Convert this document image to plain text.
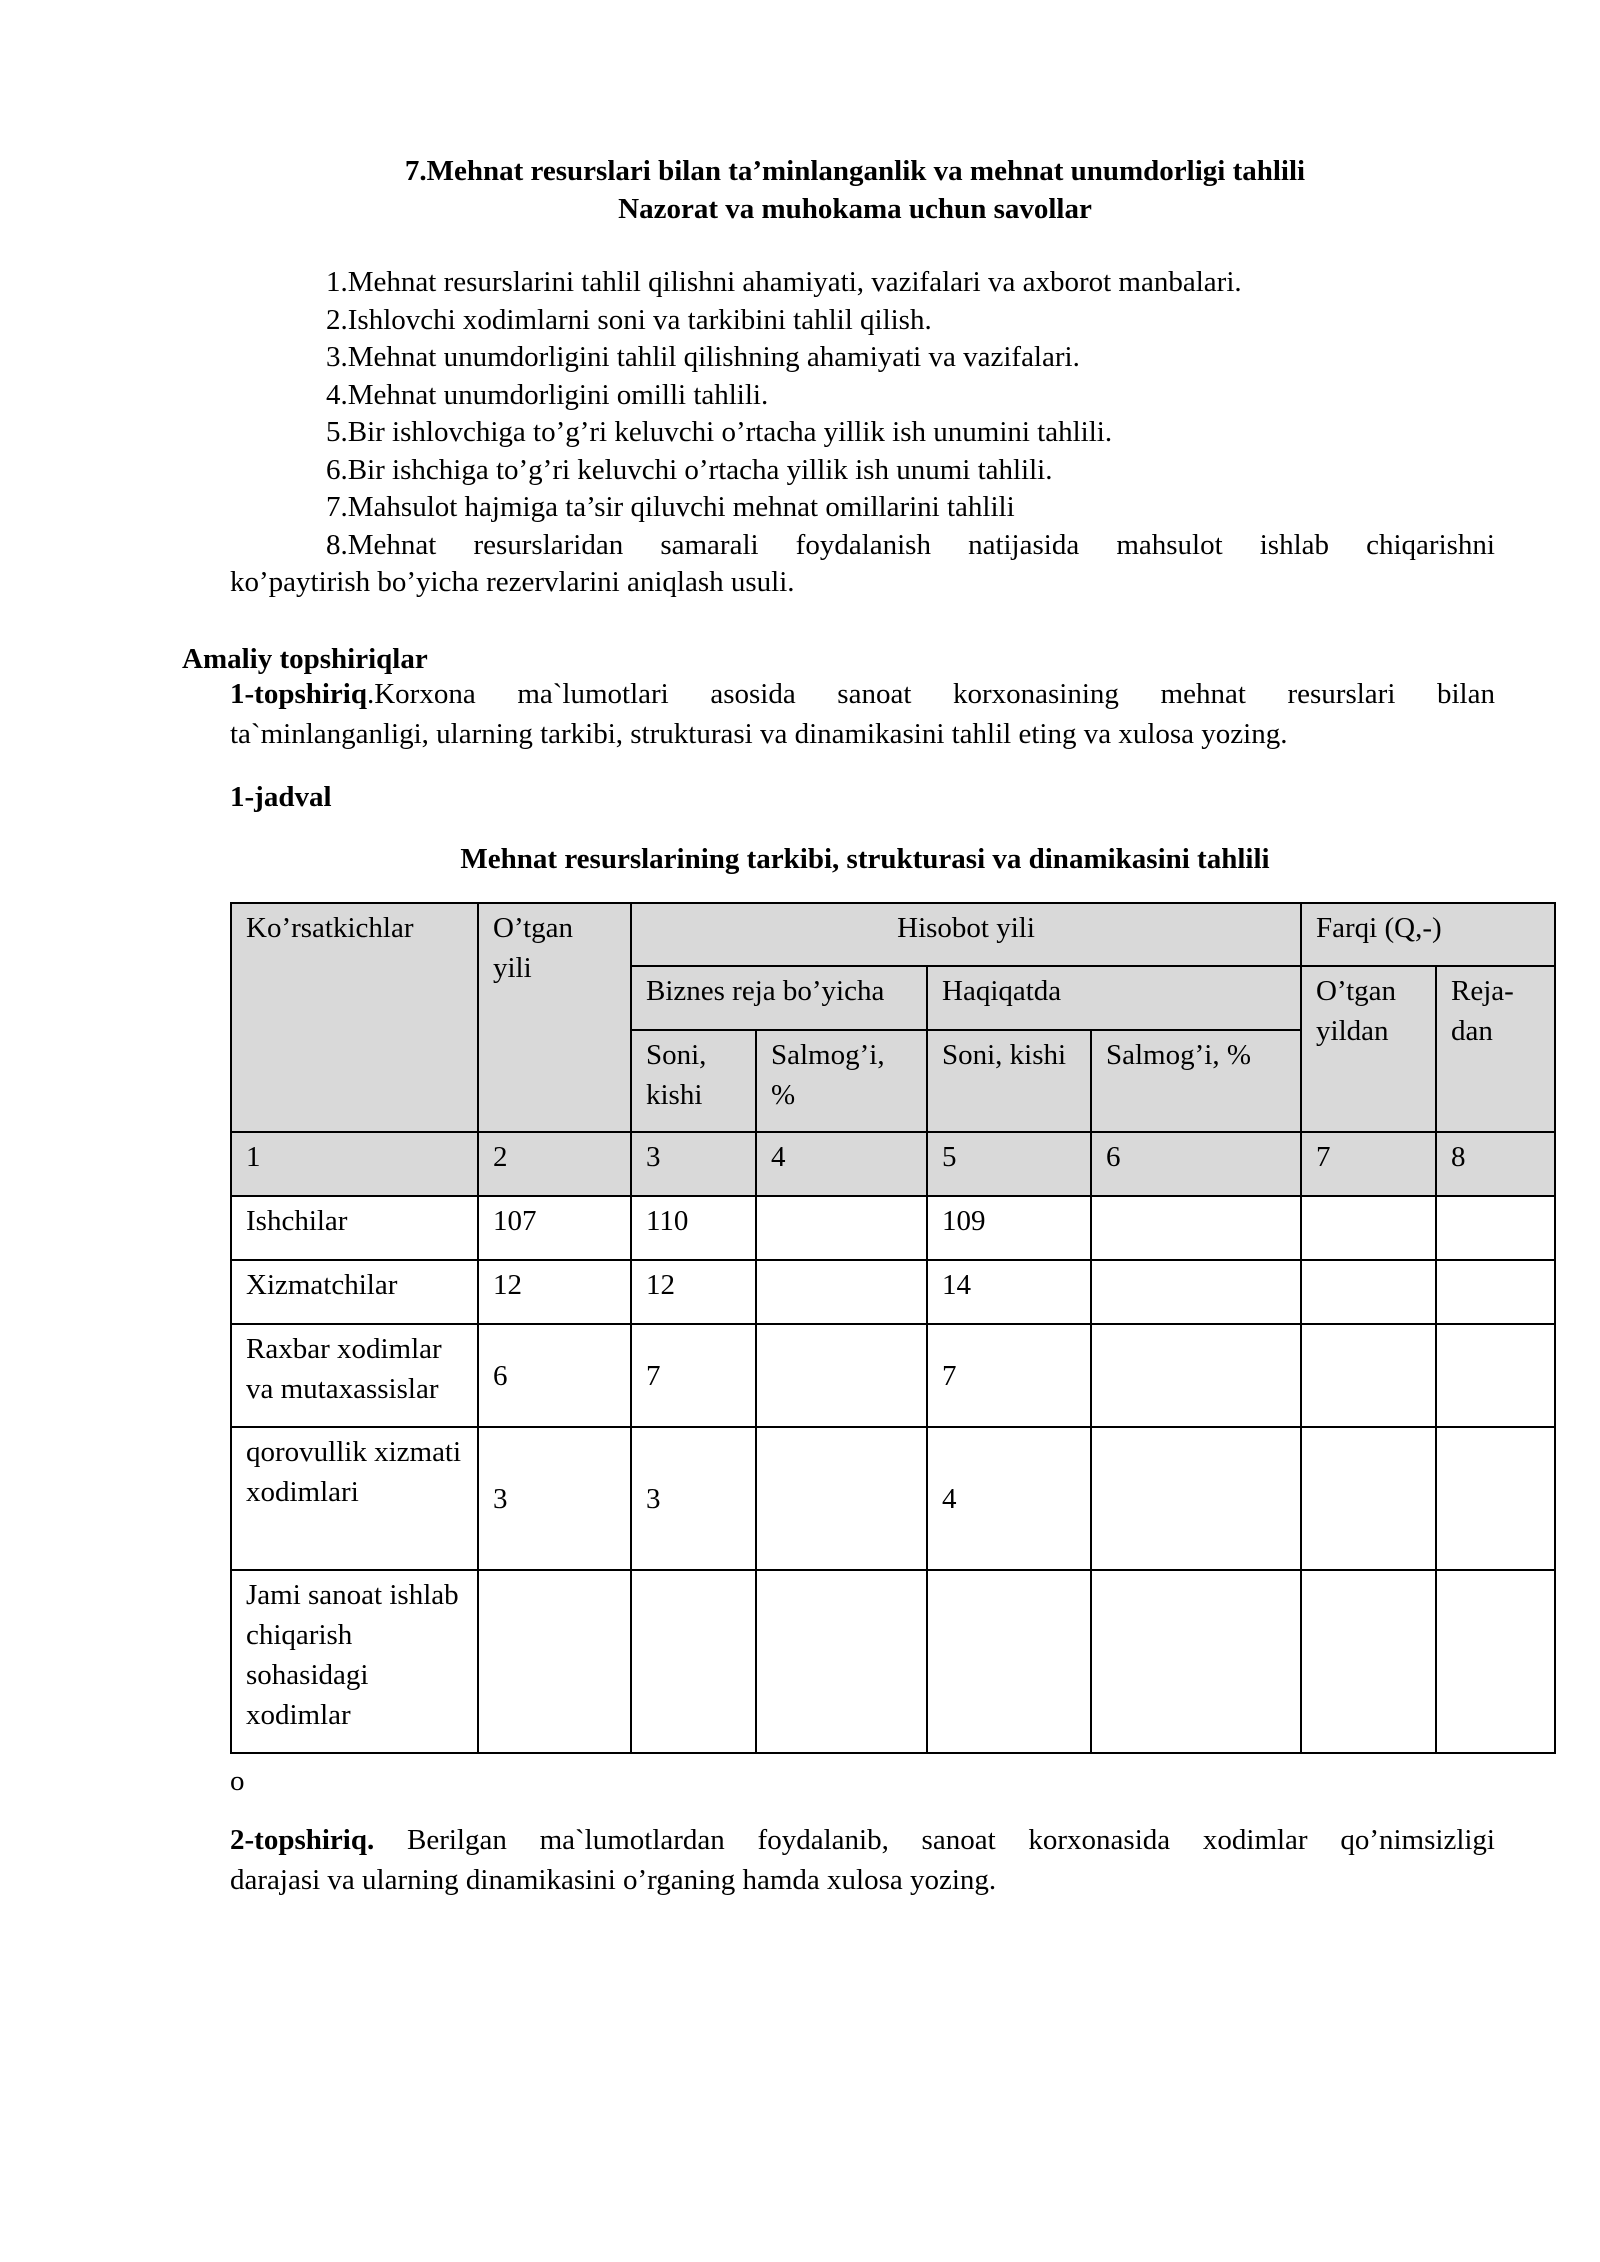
7.Mehnat resurslari bilan ta’minlanganlik va mehnat unumdorligi tahlili
Nazorat va muhokama uchun savollar
1.Mehnat resurslarini tahlil qilishni ahamiyati, vazifalari va axborot manbalari.
2.Ishlovchi xodimlarni soni va tarkibini tahlil qilish.
3.Mehnat unumdorligini tahlil qilishning ahamiyati va vazifalari.
4.Mehnat unumdorligini omilli tahlili.
5.Bir ishlovchiga to’g’ri keluvchi o’rtacha yillik ish unumini tahlili.
6.Bir ishchiga to’g’ri keluvchi o’rtacha yillik ish unumi tahlili.
7.Mahsulot hajmiga ta’sir qiluvchi mehnat omillarini tahlili
8.Mehnat resurslaridan samarali foydalanish natijasida mahsulot ishlab chiqarishni
ko’paytirish bo’yicha rezervlarini aniqlash usuli.
Amaliy topshiriqlar
1-topshiriq.Korxona ma`lumotlari asosida sanoat korxonasining mehnat resurslari bilan
ta`minlanganligi, ularning tarkibi, strukturasi va dinamikasini tahlil eting va xulosa yozing.
1-jadval
Mehnat resurslarining tarkibi, strukturasi va dinamikasini tahlili
Ko’rsatkichlar	O’tgan yili	Hisobot yili				Farqi (Q,-)	
		Biznes reja bo’yicha		Haqiqatda		O’tgan yildan	Reja-dan
		Soni, kishi	Salmog’i, %	Soni, kishi	Salmog’i, %		
1	2	3	4	5	6	7	8
Ishchilar	107	110		109			
Xizmatchilar	12	12		14			
Raxbar xodimlar va mutaxassislar	6	7		7			
qorovullik xizmati xodimlari	3	3		4			
Jami sanoat ishlab chiqarish sohasidagi xodimlar							
o
2-topshiriq. Berilgan ma`lumotlardan foydalanib, sanoat korxonasida xodimlar qo’nimsizligi
darajasi va ularning dinamikasini o’rganing hamda xulosa yozing.
